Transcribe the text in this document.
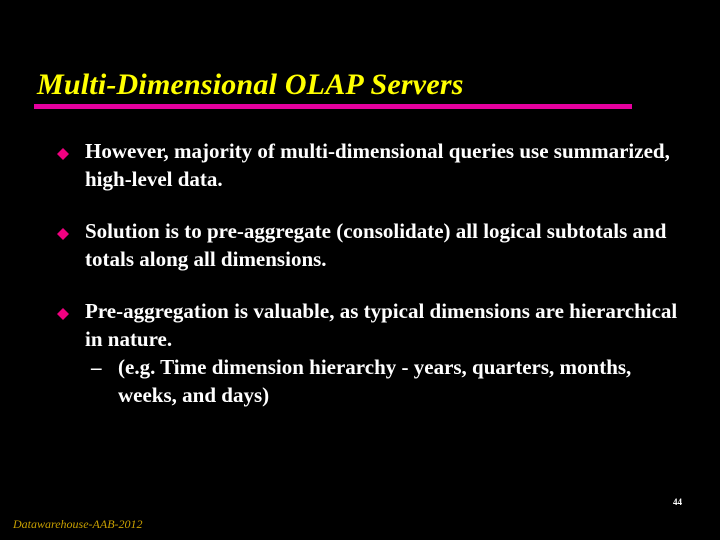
Multi-Dimensional OLAP Servers
However, majority of multi-dimensional queries use summarized, high-level data.
Solution is to pre-aggregate (consolidate) all logical subtotals and totals along all dimensions.
Pre-aggregation is valuable, as typical dimensions are hierarchical in nature.
– (e.g. Time dimension hierarchy - years, quarters, months, weeks, and days)
44
Datawarehouse-AAB-2012
